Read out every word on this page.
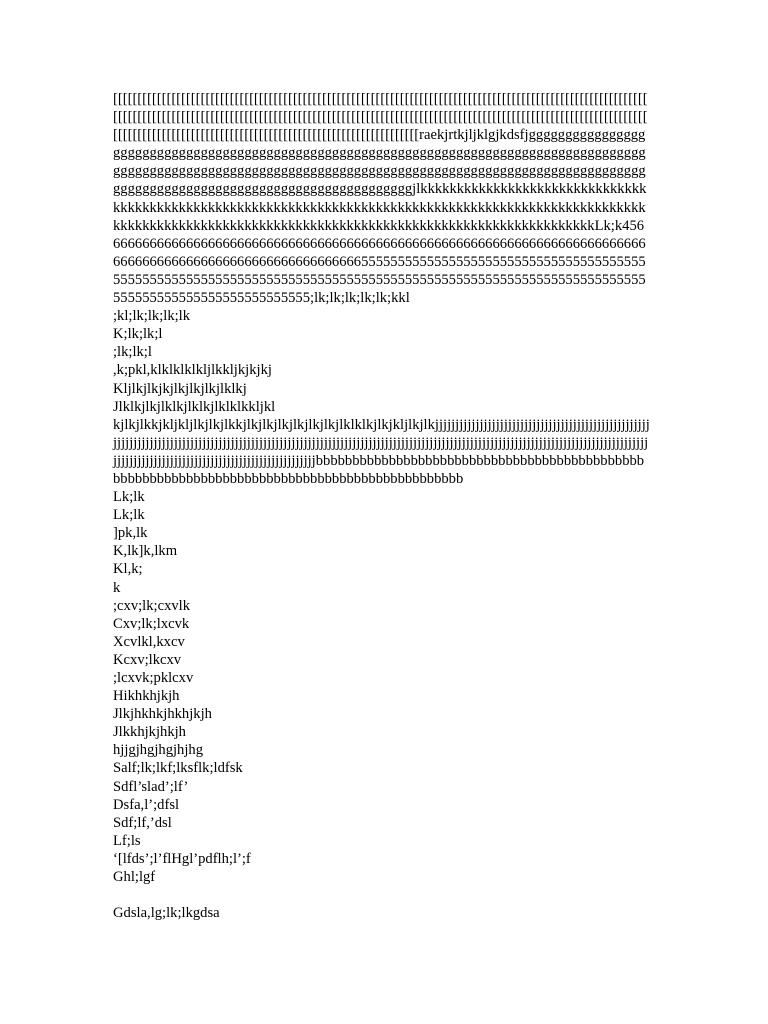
[[[[[[[[[[[[[[[[[[[[[[[[[[[[[[[[[[[[[[[[[[[[[[[[[[[[[[[[[[[[[[[[[[[[[[[[[[[[[[[[[[[[[[[[[[[[[[[[[[[[[[[[[[[[[[[[[[[[[[[[[[[[[[[[[[[[[[[[[[[[[[[[[[[[[[[[[[[[[[[[[[[[[[[[[[[[[[[[[[[[[[[[[[[[[[[[[[[[[[[[[[[[[[[[[[[[[[[[[[[[[[[[[[[[[[[[[[[[[[[[[[[[[[[[[[[[[[[[[[[[[[[[[[[[[[[[[[[[[[[[[[[raekjrtkjljklgjkdsfjgggggggggggggggggggggggggggggggggggggggggggggggggggggggggggggggggggggggggggggggggggggggggggggggggggggggggggggggggggggggggggggggggggggggggggggggggggggggggggggggggggggggggggggggggggggggggggggggggggggggggggjlkkkkkkkkkkkkkkkkkkkkkkkkkkkkkkkkkkkkkkkkkkkkkkkkkkkkkkkkkkkkkkkkkkkkkkkkkkkkkkkkkkkkkkkkkkkkkkkkkkkkkkkkkkkkkkkkkkkkkkkkkkkkkkkkkkkkkkkkkkkkkkkkkkkkkkkkkkkkkkkkkkkkkkkkkkLk;k456666666666666666666666666666666666666666666666666666666666666666666666666666666666666666666666666666666666665555555555555555555555555555555555555555555555555555555555555555555555555555555555555555555555555555555555555555555555555555555555555555555;lk;lk;lk;lk;lk;kkl

;kl;lk;lk;lk;lk

K;lk;lk;l

;lk;lk;l

,k;pkl,klklklklkljlkkljkjkjkj

Kljlkjlkjkjlkjlkjlkjlklkj

Jlklkjlkjlklkjlklkjlklklkkljkl

kjlkjlkkjkljkljlkjlkjlkkjlkjlkjlkjlkjlkjlkjlklklkjlkjkljlkjlkjjjjjjjjjjjjjjjjjjjjjjjjjjjjjjjjjjjjjjjjjjjjjjjjjjjjjjjjjjjjjjjjjjjjjjjjjjjjjjjjjjjjjjjjjjjjjjjjjjjjjjjjjjjjjjjjjjjjjjjjjjjjjjjjjjjjjjjjjjjjjjjjjjjjjjjjjjjjjjjjjjjjjjjjjjjjjjjjjjjjjjjjjjjjjjjjjjjjjjjjjjjjjjjjjjjjjjjjjjjjjjjjjjjjjjjjjjjbbbbbbbbbbbbbbbbbbbbbbbbbbbbbbbbbbbbbbbbbbbbbbbbbbbbbbbbbbbbbbbbbbbbbbbbbbbbbbbbbbbbbbbbbbbbb

Lk;lk

Lk;lk

]pk,lk

K,lk]k,lkm

Kl,k;

k

;cxv;lk;cxvlk

Cxv;lk;lxcvk

Xcvlkl,kxcv

Kcxv;lkcxv

;lcxvk;pklcxv

Hikhkhjkjh

Jlkjhkhkjhkhjkjh

Jlkkhjkjhkjh

hjjgjhgjhgjhjhg

Salf;lk;lkf;lksflk;ldfsk

Sdfl’slad’;lf’

Dsfa,l’;dfsl

Sdf;lf,’dsl

Lf;ls

‘[lfds’;l’flHgl’pdflh;l’;f

Ghl;lgf

Gdsla,lg;lk;lkgdsa
